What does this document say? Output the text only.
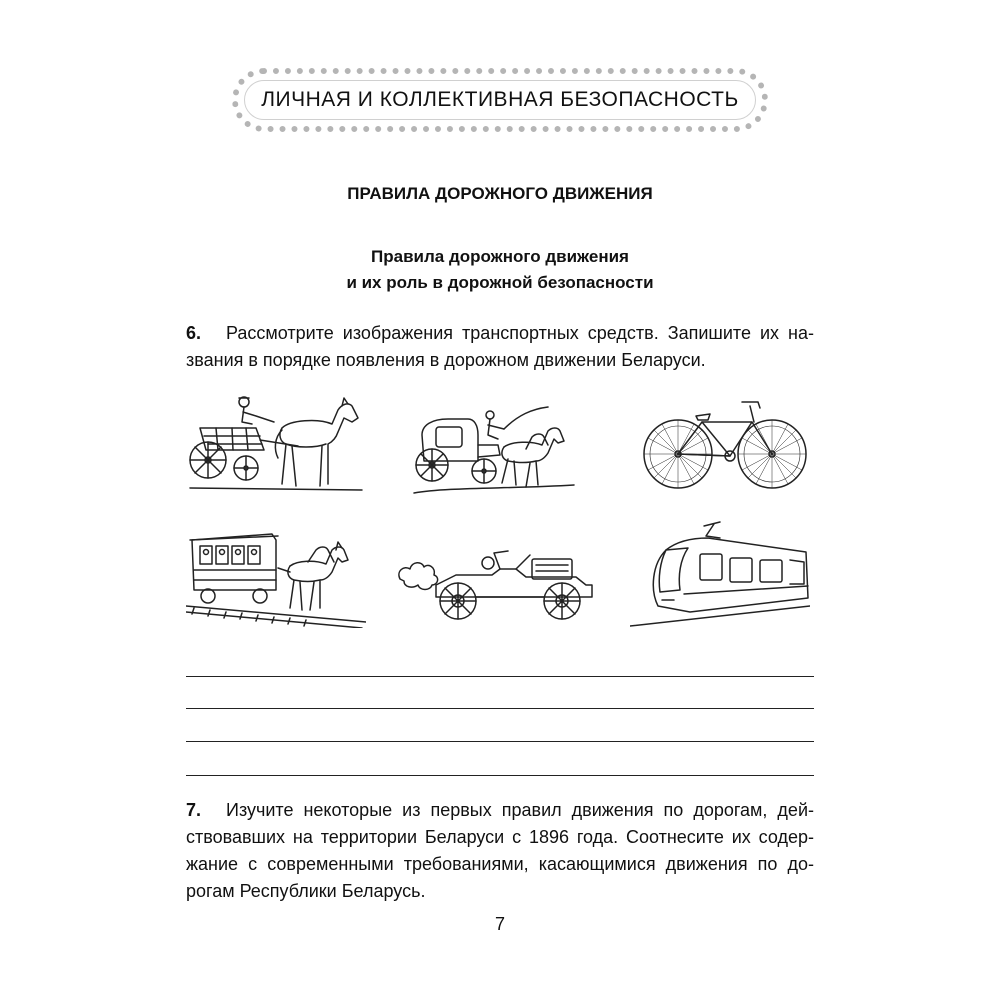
ЛИЧНАЯ И КОЛЛЕКТИВНАЯ БЕЗОПАСНОСТЬ
ПРАВИЛА ДОРОЖНОГО ДВИЖЕНИЯ
Правила дорожного движения
и их роль в дорожной безопасности
6. Рассмотрите изображения транспортных средств. Запишите их на-
звания в порядке появления в дорожном движении Беларуси.
7. Изучите некоторые из первых правил движения по дорогам, дей-
ствовавших на территории Беларуси с 1896 года. Соотнесите их содер-
жание с современными требованиями, касающимися движения по до-
рогам Республики Беларусь.
7
